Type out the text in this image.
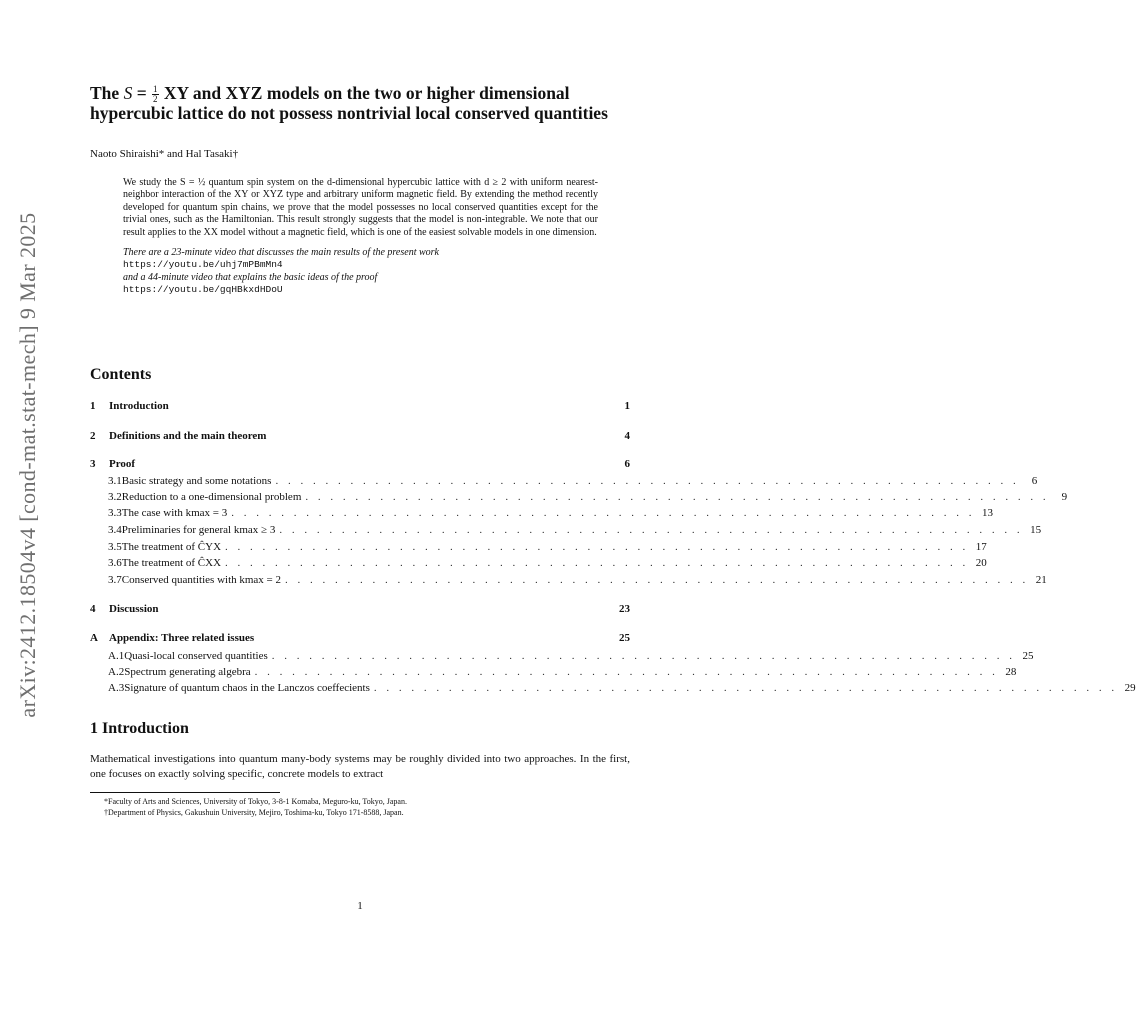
arXiv:2412.18504v4 [cond-mat.stat-mech] 9 Mar 2025
The $S = \frac{1}{2}$ XY and XYZ models on the two or higher dimensional hypercubic lattice do not possess nontrivial local conserved quantities
Naoto Shiraishi* and Hal Tasaki†

We study the S = ½ quantum spin system on the d-dimensional hypercubic lattice with d ≥ 2 with uniform nearest-neighbor interaction of the XY or XYZ type and arbitrary uniform magnetic field. By extending the method recently developed for quantum spin chains, we prove that the model possesses no local conserved quantities except for the trivial ones, such as the Hamiltonian. This result strongly suggests that the model is non-integrable. We note that our result applies to the XX model without a magnetic field, which is one of the easiest solvable models in one dimension.

There are a 23-minute video that discusses the main results of the present work
https://youtu.be/uhj7mPBmMn4
and a 44-minute video that explains the basic ideas of the proof
https://youtu.be/gqHBkxdHDoU
Contents
1	Introduction	1
2	Definitions and the main theorem	4
3	Proof	6
3.1 Basic strategy and some notations . . . . . . . . . . . . . . . . . . . . . . . . . . . . . . . . . . . . . . . . . . . . . . . . . . . . . . . . . . . .	6
3.2 Reduction to a one-dimensional problem . . . . . . . . . . . . . . . . . . . . . . . . . . . . . . . . . . . . . . . . . . . . . . . . . . . . . . . . . . . .	9
3.3 The case with kmax = 3 . . . . . . . . . . . . . . . . . . . . . . . . . . . . . . . . . . . . . . . . . . . . . . . . . . . . . . . . . . . . 13
3.4 Preliminaries for general kmax ≥ 3 . . . . . . . . . . . . . . . . . . . . . . . . . . . . . . . . . . . . . . . . . . . . . . . . . . . . . . . . . . . . 15
3.5 The treatment of ĈYX . . . . . . . . . . . . . . . . . . . . . . . . . . . . . . . . . . . . . . . . . . . . . . . . . . . . . . . . . . . . 17
3.6 The treatment of ĈXX . . . . . . . . . . . . . . . . . . . . . . . . . . . . . . . . . . . . . . . . . . . . . . . . . . . . . . . . . . . . 20
3.7 Conserved quantities with kmax = 2 . . . . . . . . . . . . . . . . . . . . . . . . . . . . . . . . . . . . . . . . . . . . . . . . . . . . . . . . . . . . 21
4	Discussion	23
A	Appendix: Three related issues	25
A.1 Quasi-local conserved quantities . . . . . . . . . . . . . . . . . . . . . . . . . . . . . . . . . . . . . . . . . . . . . . . . . . . . . . . . . . . . 25
A.2 Spectrum generating algebra . . . . . . . . . . . . . . . . . . . . . . . . . . . . . . . . . . . . . . . . . . . . . . . . . . . . . . . . . . . . 28
A.3 Signature of quantum chaos in the Lanczos coeffecients . . . . . . . . . . . . . . . . . . . . . . . . . . . . . . . . . . . . . . . . . . . . . . . . . . . . . . . . . . . . 29
1 Introduction
Mathematical investigations into quantum many-body systems may be roughly divided into two approaches. In the first, one focuses on exactly solving specific, concrete models to extract
*Faculty of Arts and Sciences, University of Tokyo, 3-8-1 Komaba, Meguro-ku, Tokyo, Japan.
†Department of Physics, Gakushuin University, Mejiro, Toshima-ku, Tokyo 171-8588, Japan.
1
